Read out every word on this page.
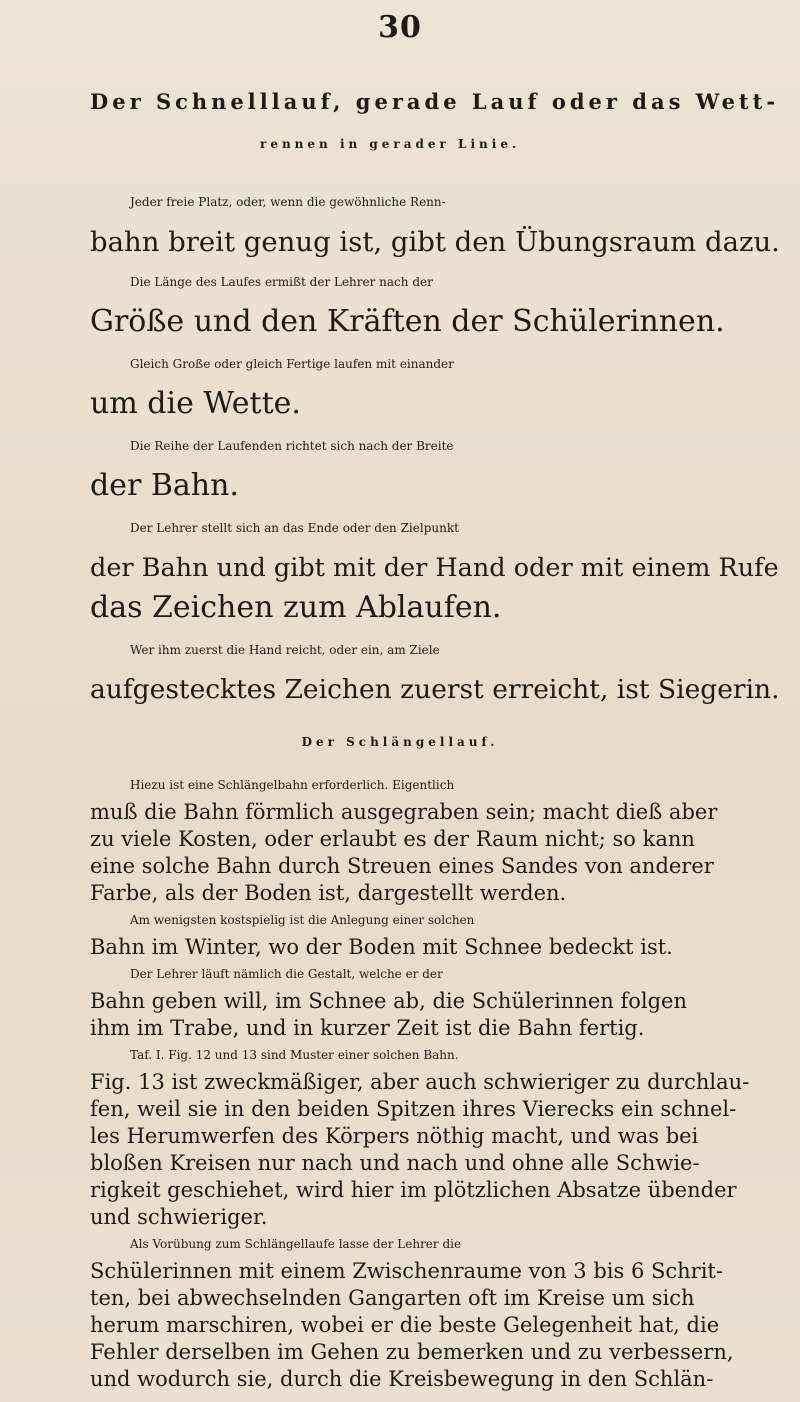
30
Der Schnelllauf, gerade Lauf oder das Wett-
rennen in gerader Linie.
Jeder freie Platz, oder, wenn die gewöhnliche Renn-
bahn breit genug ist, gibt den Übungsraum dazu.
Die Länge des Laufes ermißt der Lehrer nach der
Größe und den Kräften der Schülerinnen.
Gleich Große oder gleich Fertige laufen mit einander
um die Wette.
Die Reihe der Laufenden richtet sich nach der Breite
der Bahn.
Der Lehrer stellt sich an das Ende oder den Zielpunkt
der Bahn und gibt mit der Hand oder mit einem Rufe
das Zeichen zum Ablaufen.
Wer ihm zuerst die Hand reicht, oder ein, am Ziele
aufgestecktes Zeichen zuerst erreicht, ist Siegerin.
Der Schlängellauf.
Hiezu ist eine Schlängelbahn erforderlich. Eigentlich
muß die Bahn förmlich ausgegraben sein; macht dieß aber
zu viele Kosten, oder erlaubt es der Raum nicht; so kann
eine solche Bahn durch Streuen eines Sandes von anderer
Farbe, als der Boden ist, dargestellt werden.
Am wenigsten kostspielig ist die Anlegung einer solchen
Bahn im Winter, wo der Boden mit Schnee bedeckt ist.
Der Lehrer läuft nämlich die Gestalt, welche er der
Bahn geben will, im Schnee ab, die Schülerinnen folgen
ihm im Trabe, und in kurzer Zeit ist die Bahn fertig.
Taf. I. Fig. 12 und 13 sind Muster einer solchen Bahn.
Fig. 13 ist zweckmäßiger, aber auch schwieriger zu durchlau-
fen, weil sie in den beiden Spitzen ihres Vierecks ein schnel-
les Herumwerfen des Körpers nöthig macht, und was bei
bloßen Kreisen nur nach und nach und ohne alle Schwie-
rigkeit geschiehet, wird hier im plötzlichen Absatze übender
und schwieriger.
Als Vorübung zum Schlängellaufe lasse der Lehrer die
Schülerinnen mit einem Zwischenraume von 3 bis 6 Schrit-
ten, bei abwechselnden Gangarten oft im Kreise um sich
herum marschiren, wobei er die beste Gelegenheit hat, die
Fehler derselben im Gehen zu bemerken und zu verbessern,
und wodurch sie, durch die Kreisbewegung in den Schlän-
